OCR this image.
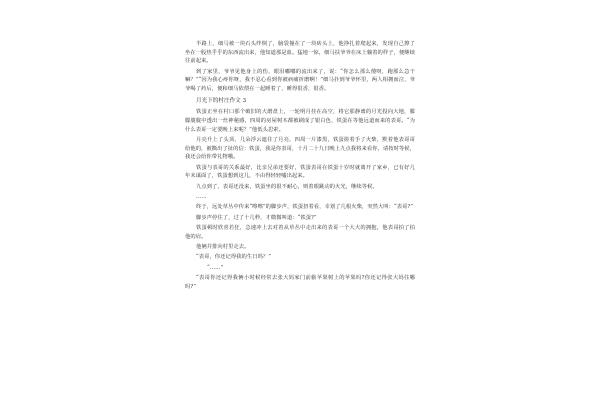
半路上，细马被一块石头绊倒了，脑袋撞在了一块砖头上，他挣扎着爬起来，发现自己擦了坐在一股热乎乎的东西流出来，他知道那是血。猛地一惊，细马扶爷爷在床上躺着的样子，便继续往前起来。

到了家里，爷爷见他身上的伤，眼泪嘟嘟的流出来了，说：“你怎么那么傻呀，跑那么急干嘛？”“因为我心疼你呀，我不忍心看到你被病痛折磨啊！”细马扑到爷爷怀里，两人相拥而泣，爷爷喝了药后，便和细马依偎在一起睡着了，睡得很香，很香。

月光下的村庄作文 3

铁蛋正坐在村口那个破旧的大磨盘上，一轮明月挂在高空，将它那静谧的月光投向大地，朦朦胧胧中透出一丝神秘感，四周的房屋树木都被刷成了银白色，铁蛋在等他远道而来的表哥。“为什么表哥一定要晚上来呢？”他低头思索。

月亮升上了头顶，几朵浮云遮住了月亮，四周一片漆黑，铁蛋搓着手了火柴，默着他表哥哥给他的，被撕出了扯的信：铁蛋，我是你表哥，十月二十九日晚上九点我将来看你，请按时等候，我还会给你带礼物哦。

铁蛋与表哥的关系最好，比亲兄弟还要好，铁蛋表哥在铁蛋十岁时就离开了家乡，已有好几年未谋面了，铁蛋想到这儿，不由得轻轻嘘出起来。

九点到了，表哥还没来，铁蛋坐的很不耐心，则着眼跳动的火光，继续等候。

……

终于，远处草丛中传来“嚓嚓”的脚步声，铁蛋扭着看，幸划了几根火柴，突然大叫：“表哥?”

脚步声停住了，过了十几秒，才微微叫道：“铁蛋?”

铁蛋顿时欣喜若狂，急速冲上去对着从草丛中走出来的表哥一个大大的拥抱，他表哥拍了拍他的肩。

他俩并排向村里走去。

“表哥，你还记得我的生日吗？”

“……”

“表哥你还记得我俩小时候经常去张大妈家门前偷苹果树上的苹果吗?你还记得张大妈住哪吗?”
